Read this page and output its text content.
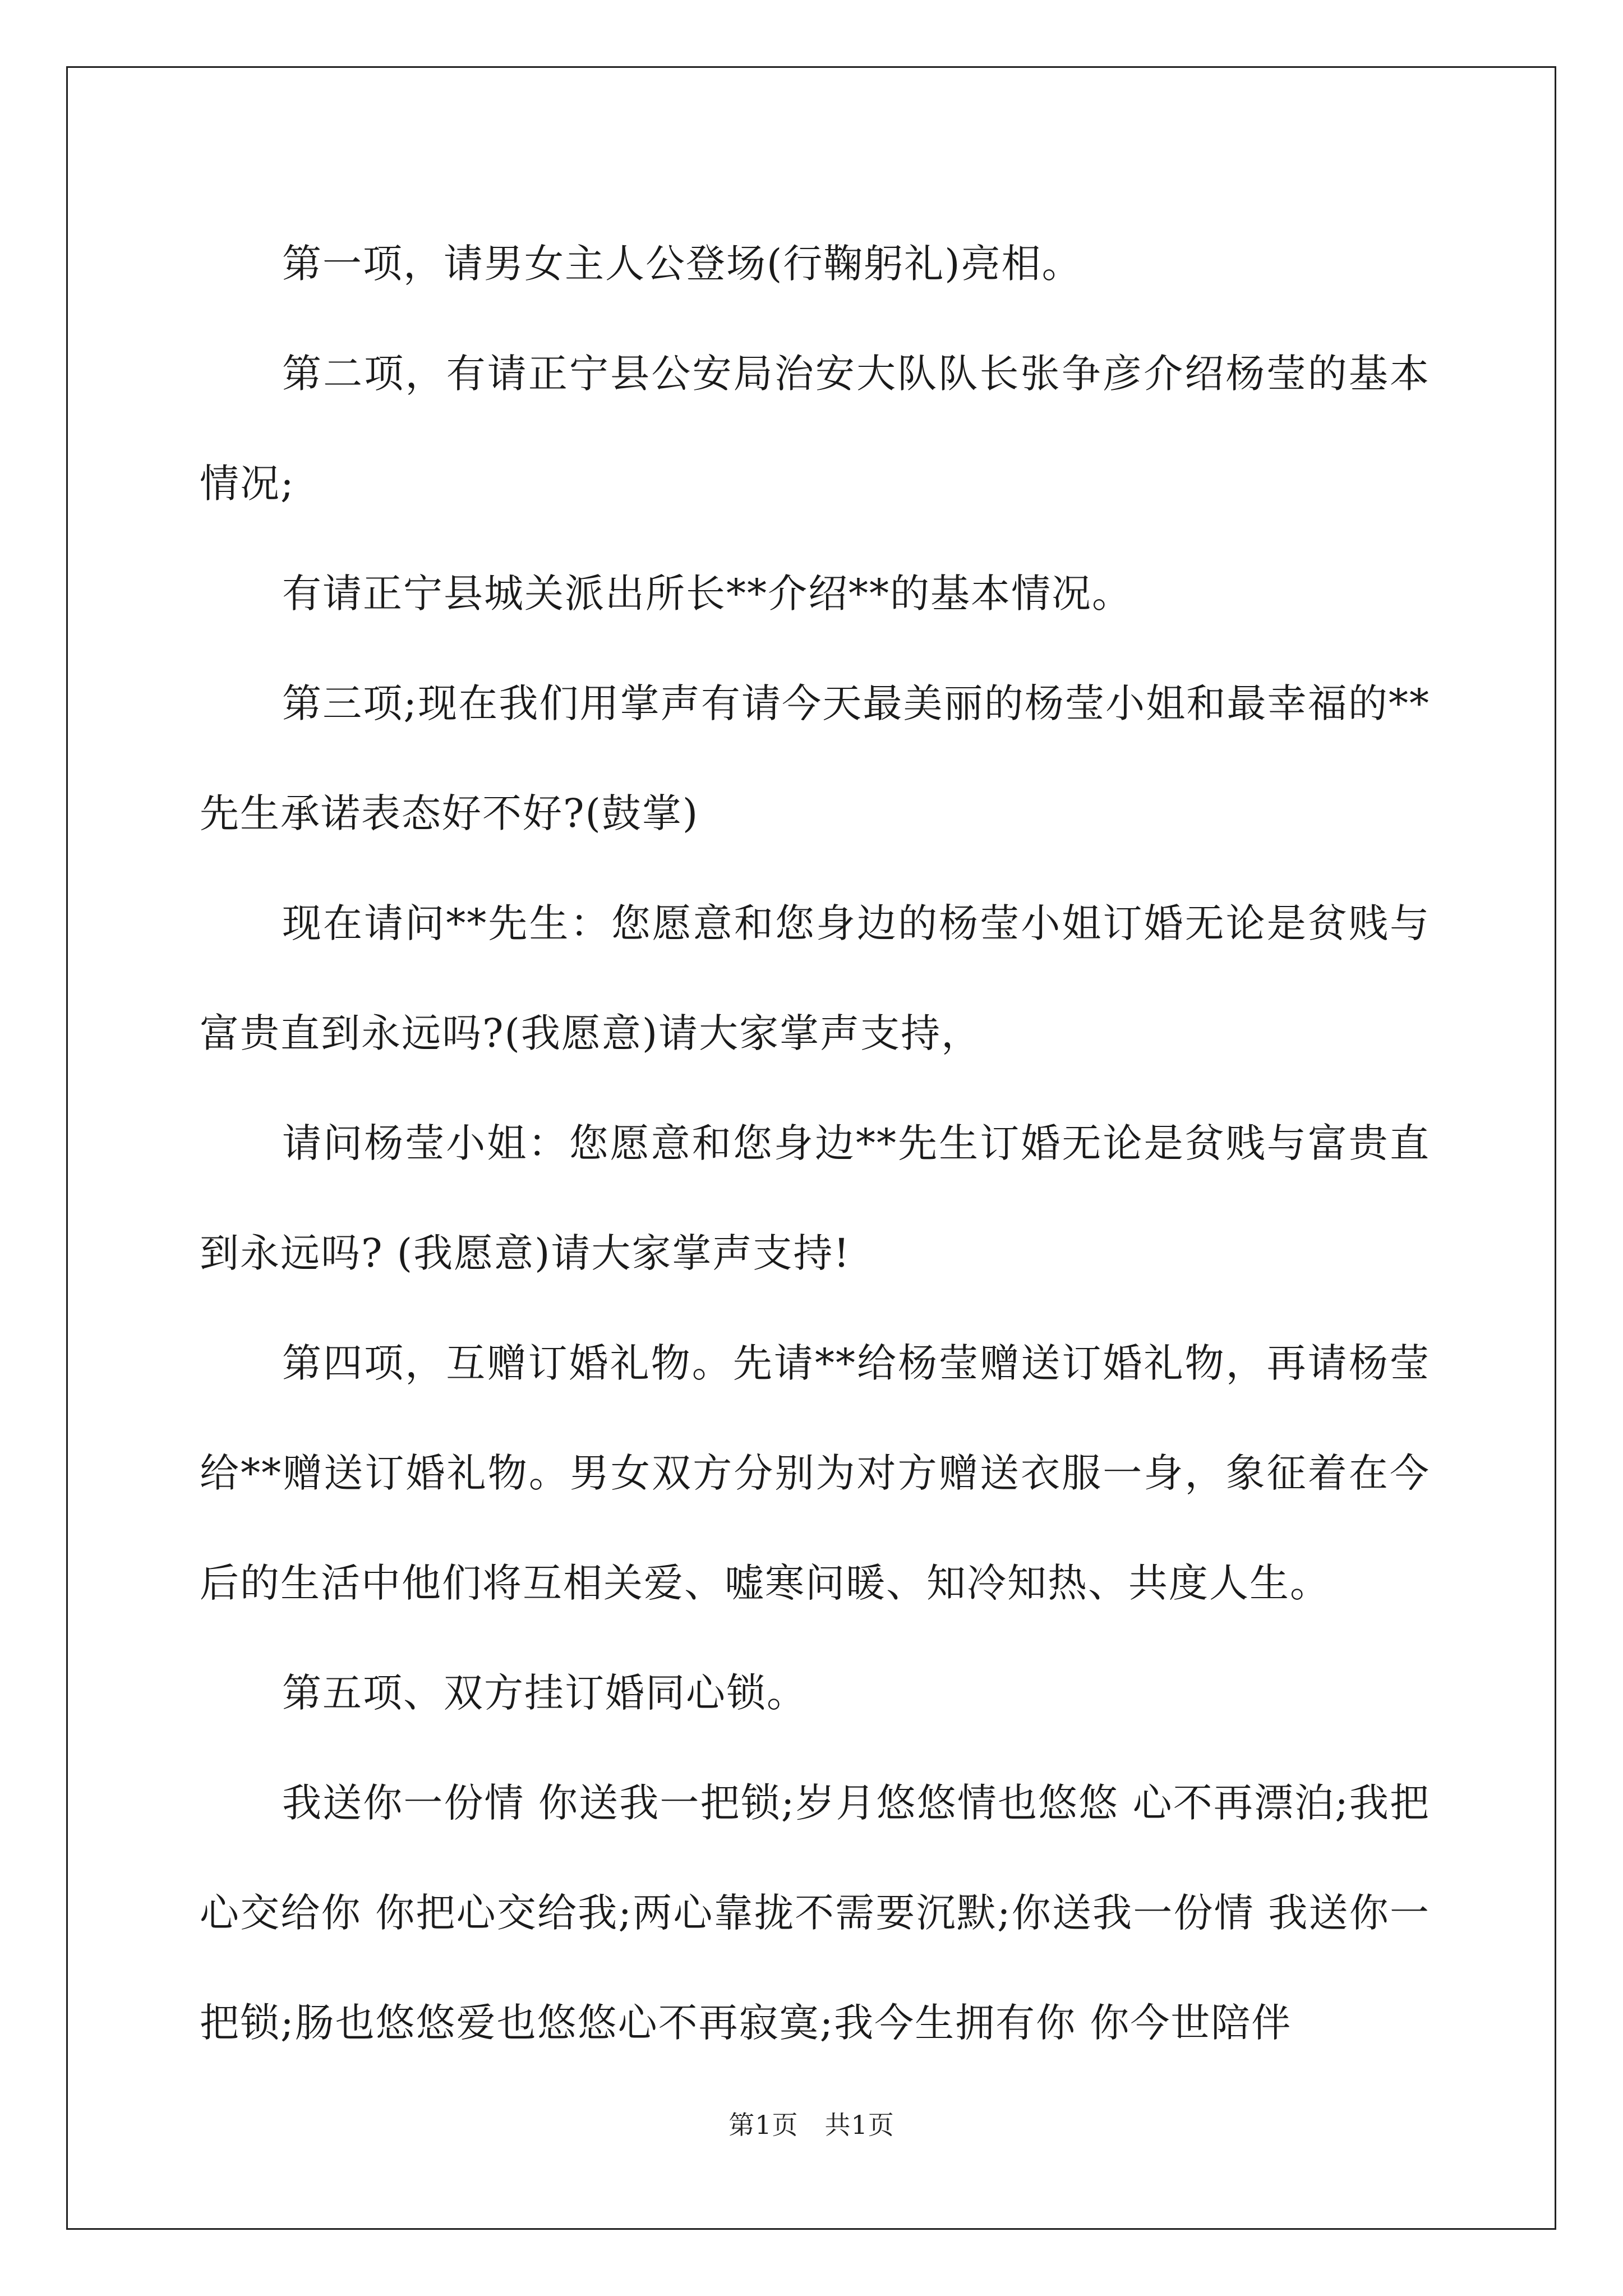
第一项，请男女主人公登场(行鞠躬礼)亮相。

第二项，有请正宁县公安局治安大队队长张争彦介绍杨莹的基本情况;

有请正宁县城关派出所长**介绍**的基本情况。

第三项;现在我们用掌声有请今天最美丽的杨莹小姐和最幸福的**先生承诺表态好不好?(鼓掌)

现在请问**先生：您愿意和您身边的杨莹小姐订婚无论是贫贱与富贵直到永远吗?(我愿意)请大家掌声支持，

请问杨莹小姐：您愿意和您身边**先生订婚无论是贫贱与富贵直到永远吗? (我愿意)请大家掌声支持!

第四项，互赠订婚礼物。先请**给杨莹赠送订婚礼物，再请杨莹给**赠送订婚礼物。男女双方分别为对方赠送衣服一身，象征着在今后的生活中他们将互相关爱、嘘寒问暖、知冷知热、共度人生。

第五项、双方挂订婚同心锁。

我送你一份情 你送我一把锁;岁月悠悠情也悠悠 心不再漂泊;我把心交给你 你把心交给我;两心靠拢不需要沉默;你送我一份情 我送你一把锁;肠也悠悠爱也悠悠心不再寂寞;我今生拥有你 你今世陪伴

第1页　共1页
